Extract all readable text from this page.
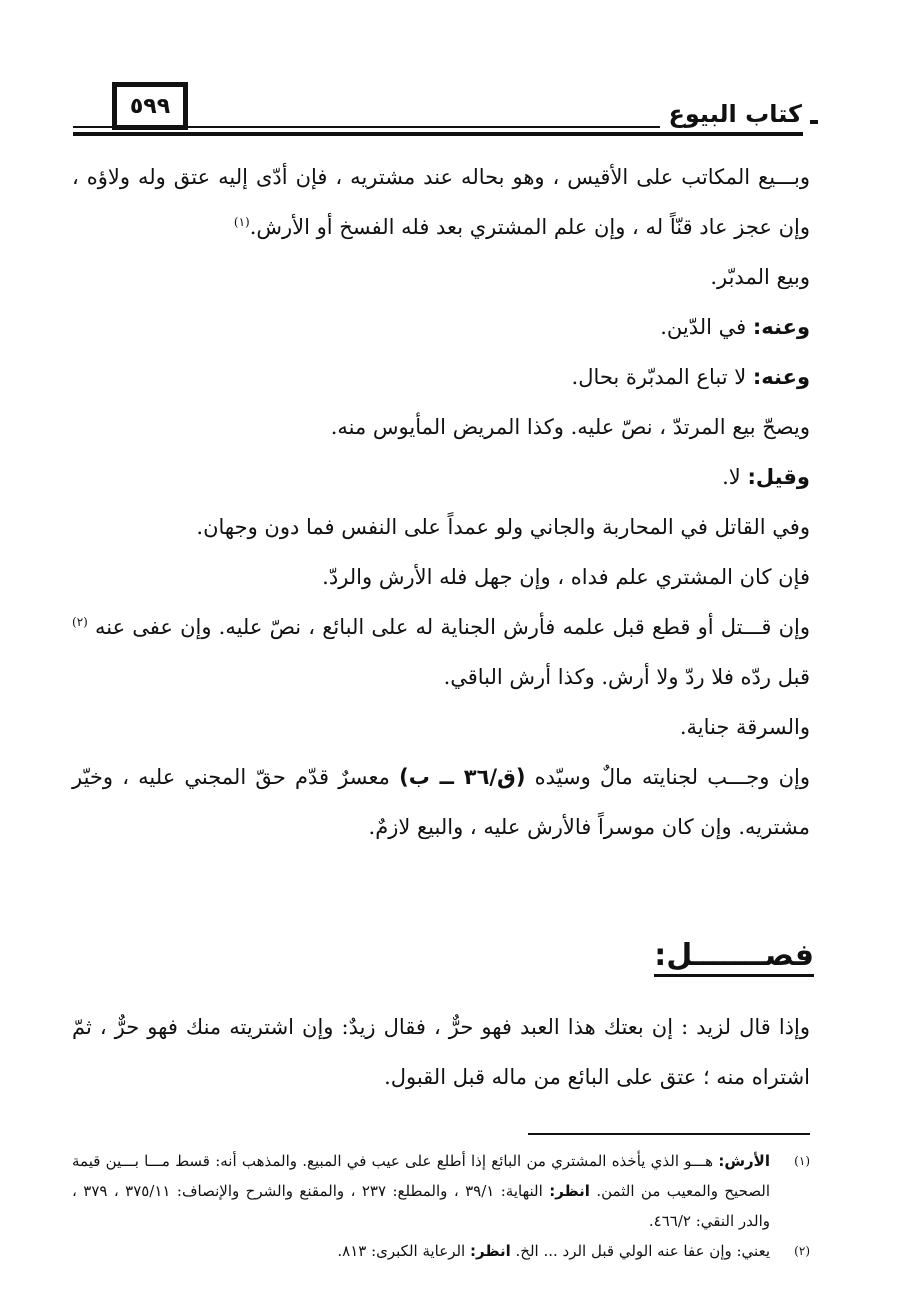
٥٩٩	كتاب البيوع

وبـــيع المكاتب على الأقيس ، وهو بحاله عند مشتريه ، فإن أدّى إليه عتق وله ولاؤه ، وإن عجز عاد قنّاً له ، وإن علم المشتري بعد فله الفسخ أو الأرش.$^{(١)}$

وبيع المدبّر.

وعنه: في الدّين.

وعنه: لا تباع المدبّرة بحال.

ويصحّ بيع المرتدّ ، نصّ عليه. وكذا المريض المأيوس منه.

وقيل: لا.

وفي القاتل في المحاربة والجاني ولو عمداً على النفس فما دون وجهان.

فإن كان المشتري علم فداه ، وإن جهل فله الأرش والردّ.

وإن قـــتل أو قطع قبل علمه فأرش الجناية له على البائع ، نصّ عليه. وإن عفى عنه $^{(٢)}$ قبل ردّه فلا ردّ ولا أرش. وكذا أرش الباقي.

والسرقة جناية.

وإن وجـــب لجنايته مالٌ وسيّده (ق/٣٦ ــ ب) معسرٌ قدّم حقّ المجني عليه ، وخيّر مشتريه. وإن كان موسراً فالأرش عليه ، والبيع لازمٌ.

فصـــــــل:

وإذا قال لزيد : إن بعتك هذا العبد فهو حرٌّ ، فقال زيدٌ: وإن اشتريته منك فهو حرٌّ ، ثمّ اشتراه منه ؛ عتق على البائع من ماله قبل القبول.

(١)
الأرش: هـــو الذي يأخذه المشتري من البائع إذا أطلع على عيب في المبيع. والمذهب أنه: قسط مـــا بـــين قيمة الصحيح والمعيب من الثمن. انظر: النهاية: ٣٩/١ ، والمطلع: ٢٣٧ ، والمقنع والشرح والإنصاف: ٣٧٥/١١ ، ٣٧٩ ، والدر النقي: ٤٦٦/٢.
(٢)
يعني: وإن عفا عنه الولي قبل الرد ... الخ. انظر: الرعاية الكبرى: ٨١٣.
